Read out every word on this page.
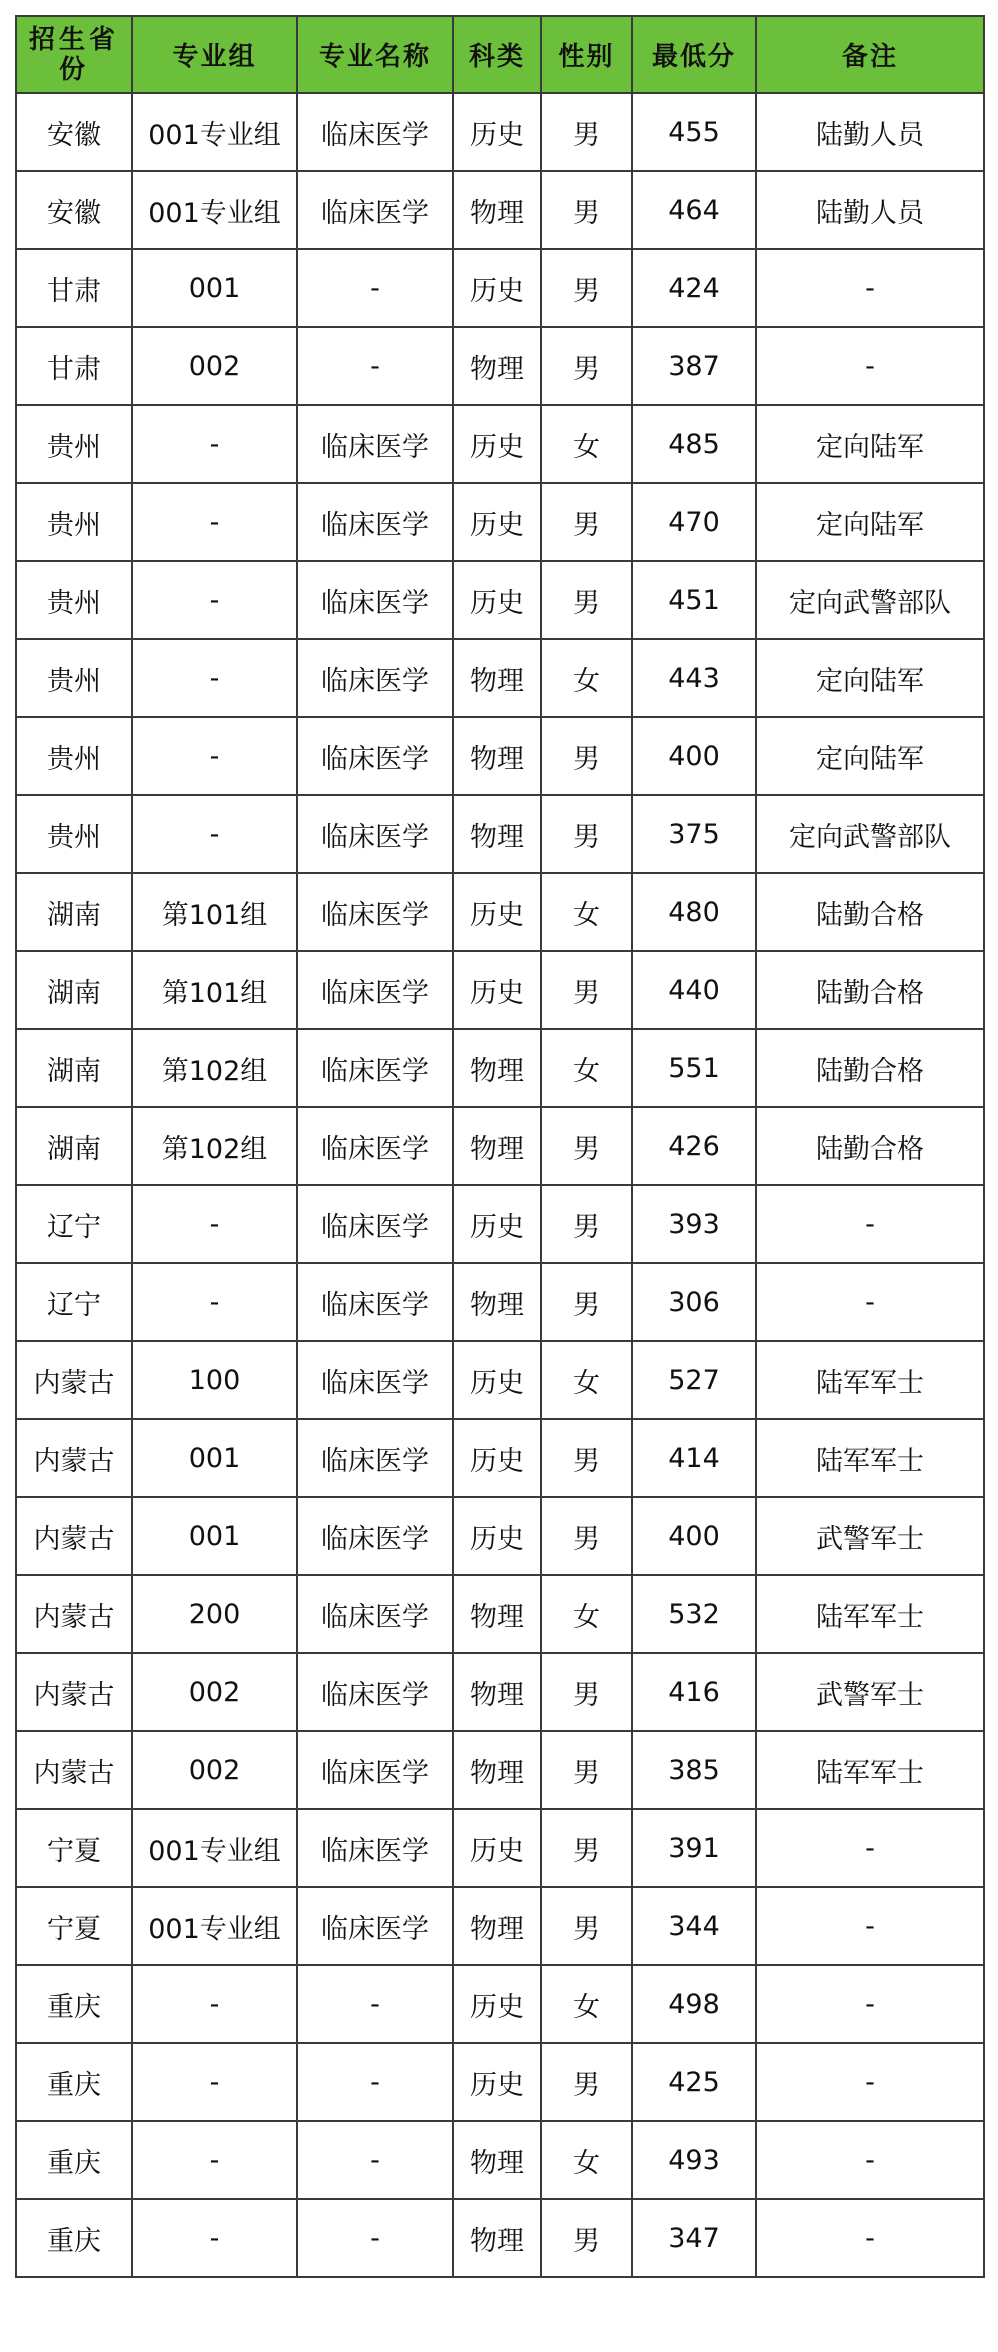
招生省份	专业组	专业名称	科类	性别	最低分	备注
安徽	001专业组	临床医学	历史	男	455	陆勤人员
安徽	001专业组	临床医学	物理	男	464	陆勤人员
甘肃	001	-	历史	男	424	-
甘肃	002	-	物理	男	387	-
贵州	-	临床医学	历史	女	485	定向陆军
贵州	-	临床医学	历史	男	470	定向陆军
贵州	-	临床医学	历史	男	451	定向武警部队
贵州	-	临床医学	物理	女	443	定向陆军
贵州	-	临床医学	物理	男	400	定向陆军
贵州	-	临床医学	物理	男	375	定向武警部队
湖南	第101组	临床医学	历史	女	480	陆勤合格
湖南	第101组	临床医学	历史	男	440	陆勤合格
湖南	第102组	临床医学	物理	女	551	陆勤合格
湖南	第102组	临床医学	物理	男	426	陆勤合格
辽宁	-	临床医学	历史	男	393	-
辽宁	-	临床医学	物理	男	306	-
内蒙古	100	临床医学	历史	女	527	陆军军士
内蒙古	001	临床医学	历史	男	414	陆军军士
内蒙古	001	临床医学	历史	男	400	武警军士
内蒙古	200	临床医学	物理	女	532	陆军军士
内蒙古	002	临床医学	物理	男	416	武警军士
内蒙古	002	临床医学	物理	男	385	陆军军士
宁夏	001专业组	临床医学	历史	男	391	-
宁夏	001专业组	临床医学	物理	男	344	-
重庆	-	-	历史	女	498	-
重庆	-	-	历史	男	425	-
重庆	-	-	物理	女	493	-
重庆	-	-	物理	男	347	-
